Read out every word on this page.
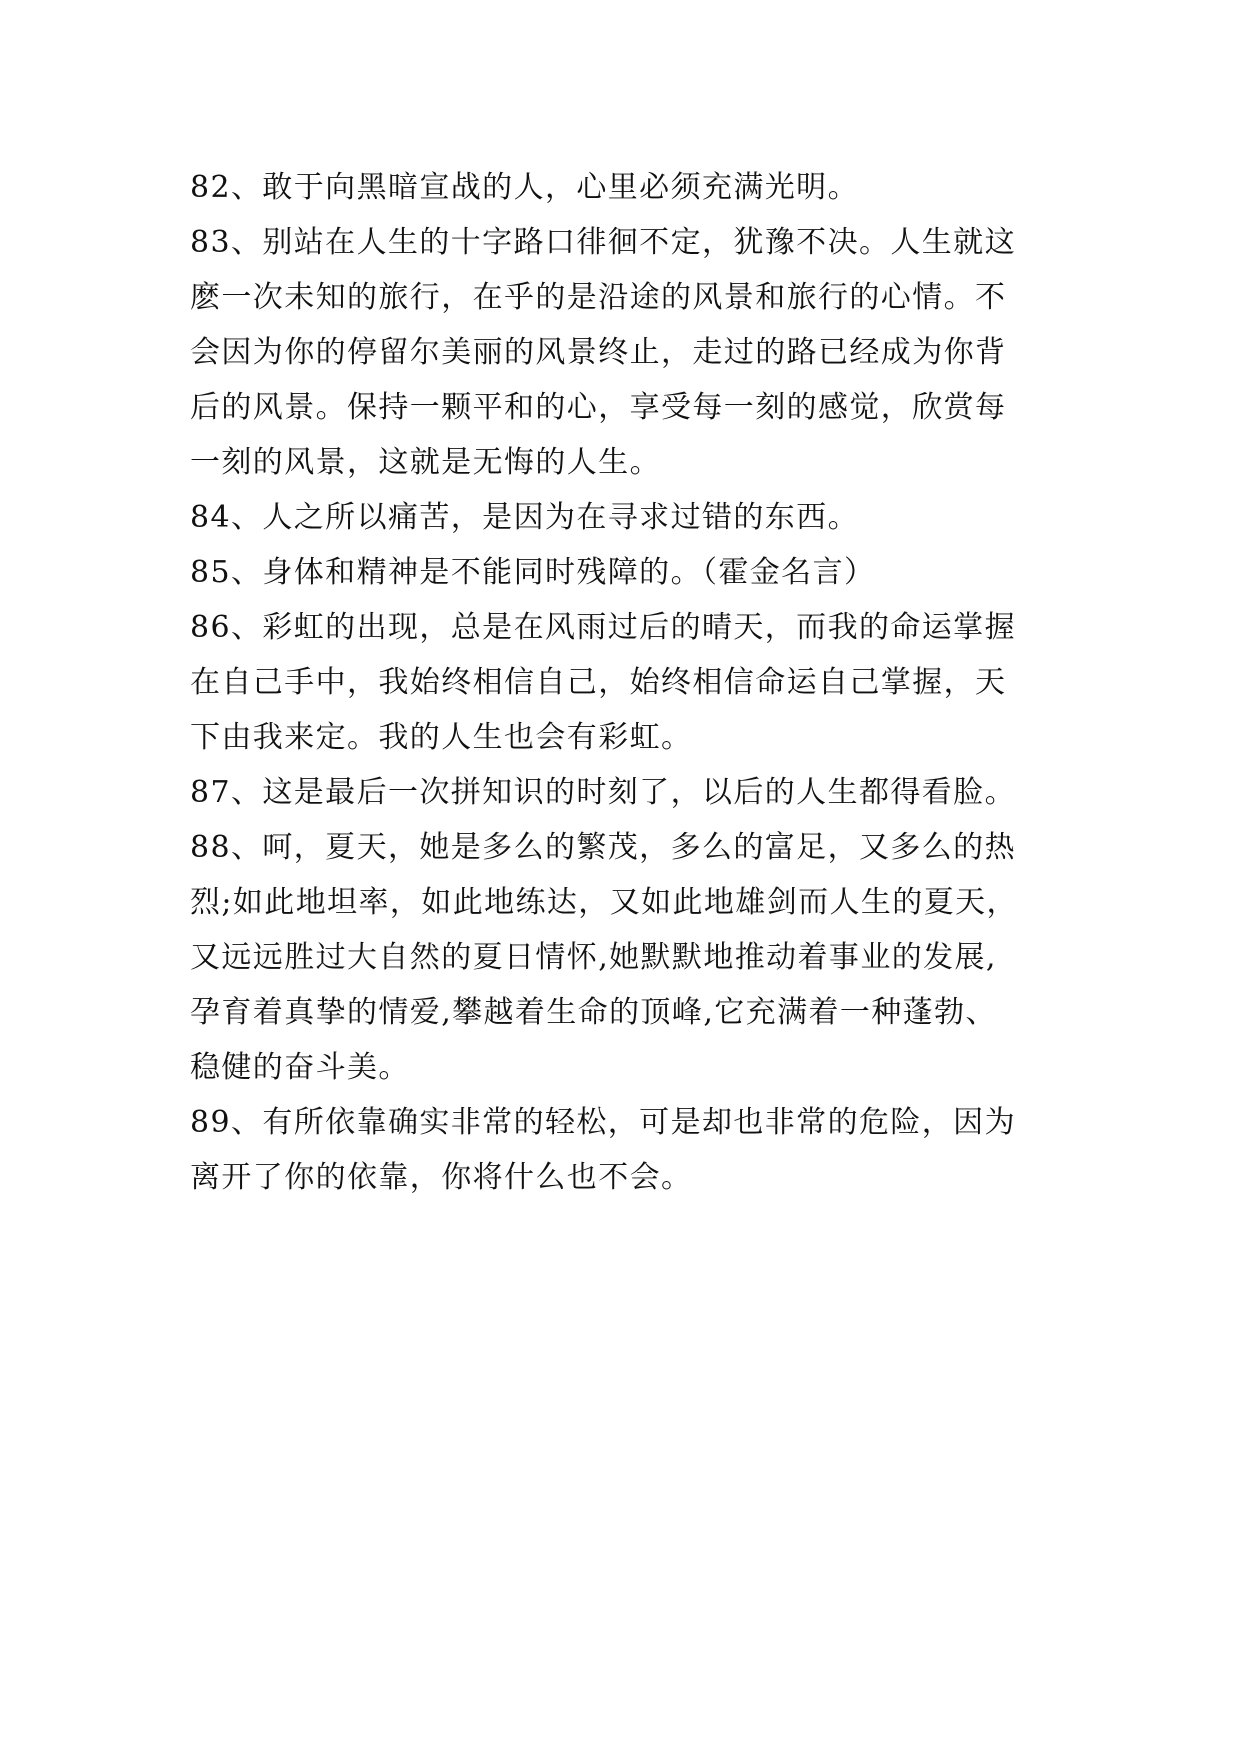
82、敢于向黑暗宣战的人，心里必须充满光明。
83、别站在人生的十字路口徘徊不定，犹豫不决。人生就这
麽一次未知的旅行，在乎的是沿途的风景和旅行的心情。不
会因为你的停留尔美丽的风景终止，走过的路已经成为你背
后的风景。保持一颗平和的心，享受每一刻的感觉，欣赏每
一刻的风景，这就是无悔的人生。
84、人之所以痛苦，是因为在寻求过错的东西。
85、身体和精神是不能同时残障的。（霍金名言）
86、彩虹的出现，总是在风雨过后的晴天，而我的命运掌握
在自己手中，我始终相信自己，始终相信命运自己掌握，天
下由我来定。我的人生也会有彩虹。
87、这是最后一次拼知识的时刻了，以后的人生都得看脸。
88、呵，夏天，她是多么的繁茂，多么的富足，又多么的热
烈;如此地坦率，如此地练达，又如此地雄剑而人生的夏天，
又远远胜过大自然的夏日情怀,她默默地推动着事业的发展,
孕育着真挚的情爱,攀越着生命的顶峰,它充满着一种蓬勃、
稳健的奋斗美。
89、有所依靠确实非常的轻松，可是却也非常的危险，因为
离开了你的依靠，你将什么也不会。
